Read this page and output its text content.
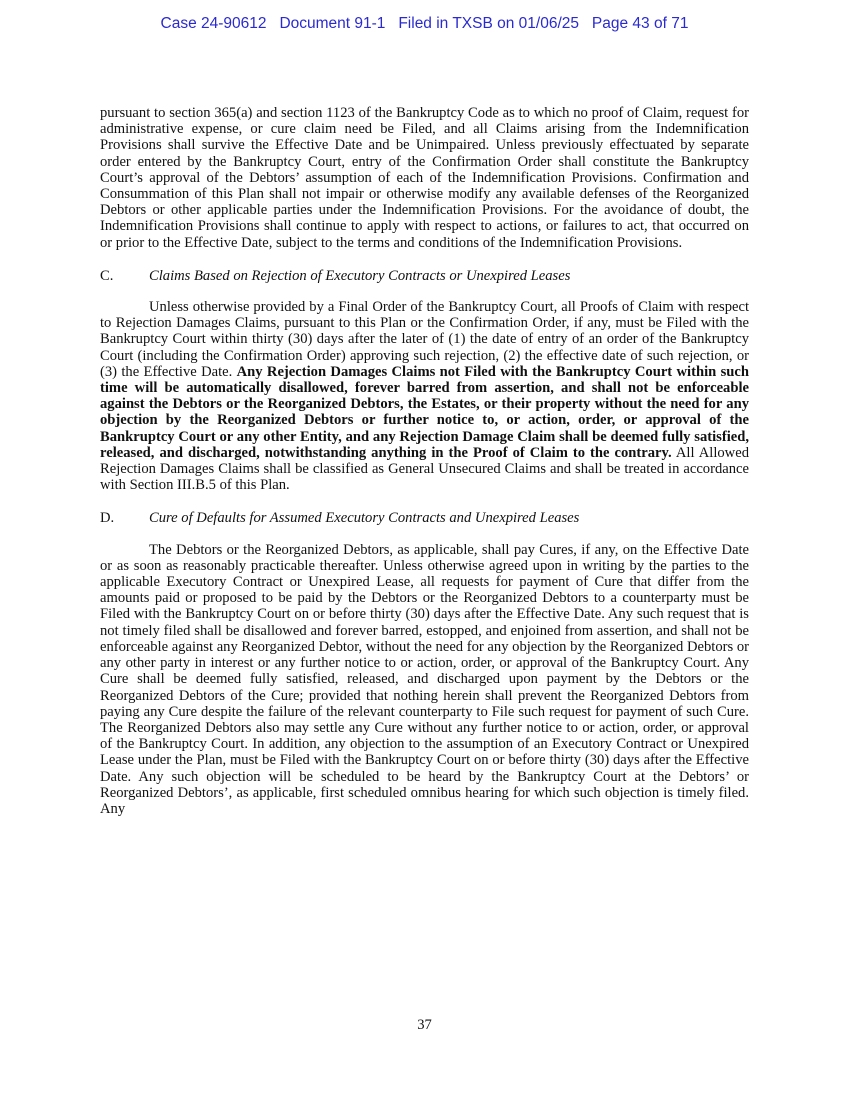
Case 24-90612   Document 91-1   Filed in TXSB on 01/06/25   Page 43 of 71

pursuant to section 365(a) and section 1123 of the Bankruptcy Code as to which no proof of Claim, request for administrative expense, or cure claim need be Filed, and all Claims arising from the Indemnification Provisions shall survive the Effective Date and be Unimpaired. Unless previously effectuated by separate order entered by the Bankruptcy Court, entry of the Confirmation Order shall constitute the Bankruptcy Court’s approval of the Debtors’ assumption of each of the Indemnification Provisions. Confirmation and Consummation of this Plan shall not impair or otherwise modify any available defenses of the Reorganized Debtors or other applicable parties under the Indemnification Provisions. For the avoidance of doubt, the Indemnification Provisions shall continue to apply with respect to actions, or failures to act, that occurred on or prior to the Effective Date, subject to the terms and conditions of the Indemnification Provisions.

C.	Claims Based on Rejection of Executory Contracts or Unexpired Leases

Unless otherwise provided by a Final Order of the Bankruptcy Court, all Proofs of Claim with respect to Rejection Damages Claims, pursuant to this Plan or the Confirmation Order, if any, must be Filed with the Bankruptcy Court within thirty (30) days after the later of (1) the date of entry of an order of the Bankruptcy Court (including the Confirmation Order) approving such rejection, (2) the effective date of such rejection, or (3) the Effective Date. Any Rejection Damages Claims not Filed with the Bankruptcy Court within such time will be automatically disallowed, forever barred from assertion, and shall not be enforceable against the Debtors or the Reorganized Debtors, the Estates, or their property without the need for any objection by the Reorganized Debtors or further notice to, or action, order, or approval of the Bankruptcy Court or any other Entity, and any Rejection Damage Claim shall be deemed fully satisfied, released, and discharged, notwithstanding anything in the Proof of Claim to the contrary. All Allowed Rejection Damages Claims shall be classified as General Unsecured Claims and shall be treated in accordance with Section III.B.5 of this Plan.

D.	Cure of Defaults for Assumed Executory Contracts and Unexpired Leases

The Debtors or the Reorganized Debtors, as applicable, shall pay Cures, if any, on the Effective Date or as soon as reasonably practicable thereafter. Unless otherwise agreed upon in writing by the parties to the applicable Executory Contract or Unexpired Lease, all requests for payment of Cure that differ from the amounts paid or proposed to be paid by the Debtors or the Reorganized Debtors to a counterparty must be Filed with the Bankruptcy Court on or before thirty (30) days after the Effective Date. Any such request that is not timely filed shall be disallowed and forever barred, estopped, and enjoined from assertion, and shall not be enforceable against any Reorganized Debtor, without the need for any objection by the Reorganized Debtors or any other party in interest or any further notice to or action, order, or approval of the Bankruptcy Court. Any Cure shall be deemed fully satisfied, released, and discharged upon payment by the Debtors or the Reorganized Debtors of the Cure; provided that nothing herein shall prevent the Reorganized Debtors from paying any Cure despite the failure of the relevant counterparty to File such request for payment of such Cure. The Reorganized Debtors also may settle any Cure without any further notice to or action, order, or approval of the Bankruptcy Court. In addition, any objection to the assumption of an Executory Contract or Unexpired Lease under the Plan, must be Filed with the Bankruptcy Court on or before thirty (30) days after the Effective Date. Any such objection will be scheduled to be heard by the Bankruptcy Court at the Debtors’ or Reorganized Debtors’, as applicable, first scheduled omnibus hearing for which such objection is timely filed. Any

37
